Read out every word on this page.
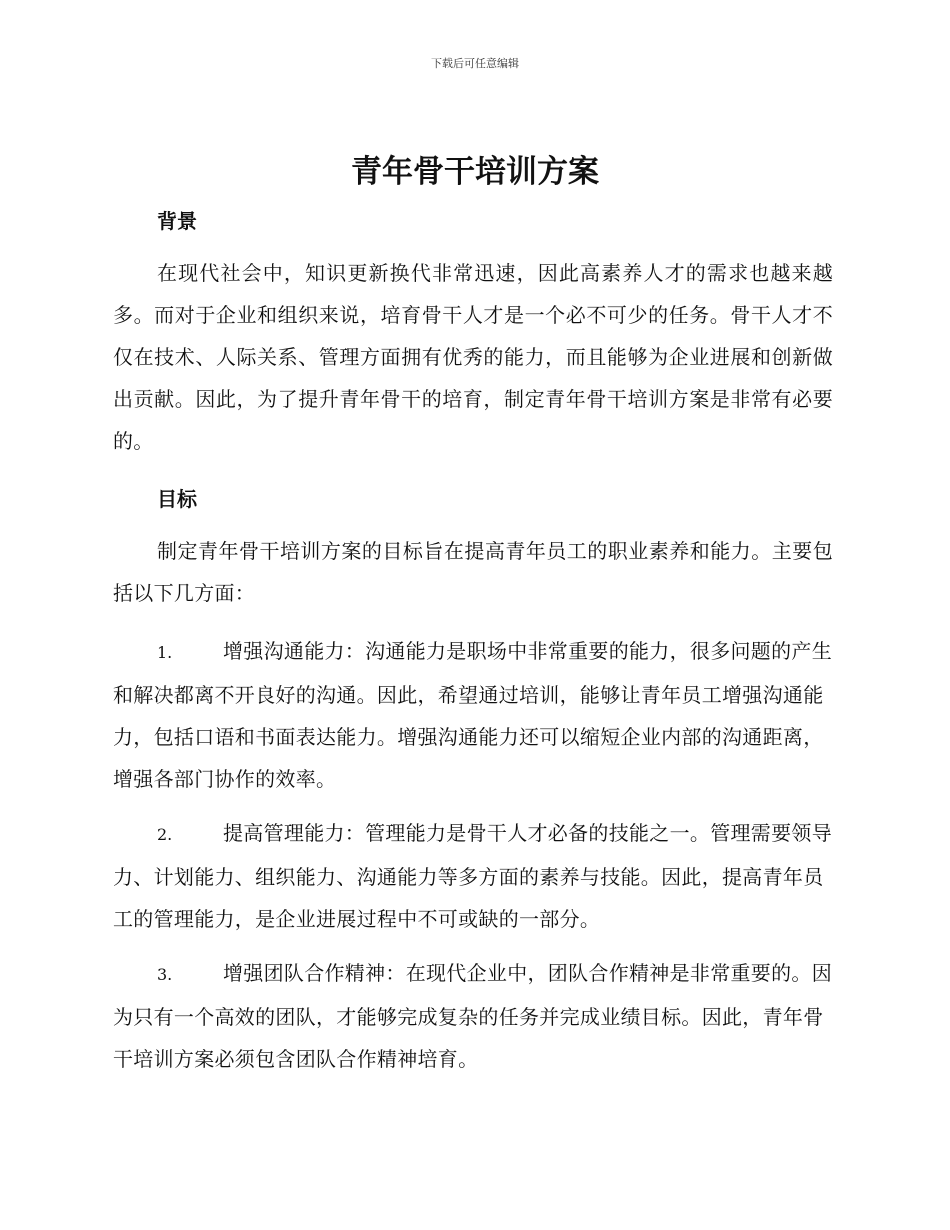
下载后可任意编辑
青年骨干培训方案
背景

在现代社会中，知识更新换代非常迅速，因此高素养人才的需求也越来越多。而对于企业和组织来说，培育骨干人才是一个必不可少的任务。骨干人才不仅在技术、人际关系、管理方面拥有优秀的能力，而且能够为企业进展和创新做出贡献。因此，为了提升青年骨干的培育，制定青年骨干培训方案是非常有必要的。

目标

制定青年骨干培训方案的目标旨在提高青年员工的职业素养和能力。主要包括以下几方面：

1.	增强沟通能力：沟通能力是职场中非常重要的能力，很多问题的产生和解决都离不开良好的沟通。因此，希望通过培训，能够让青年员工增强沟通能力，包括口语和书面表达能力。增强沟通能力还可以缩短企业内部的沟通距离，增强各部门协作的效率。

2.	提高管理能力：管理能力是骨干人才必备的技能之一。管理需要领导力、计划能力、组织能力、沟通能力等多方面的素养与技能。因此，提高青年员工的管理能力，是企业进展过程中不可或缺的一部分。

3.	增强团队合作精神：在现代企业中，团队合作精神是非常重要的。因为只有一个高效的团队，才能够完成复杂的任务并完成业绩目标。因此，青年骨干培训方案必须包含团队合作精神培育。
